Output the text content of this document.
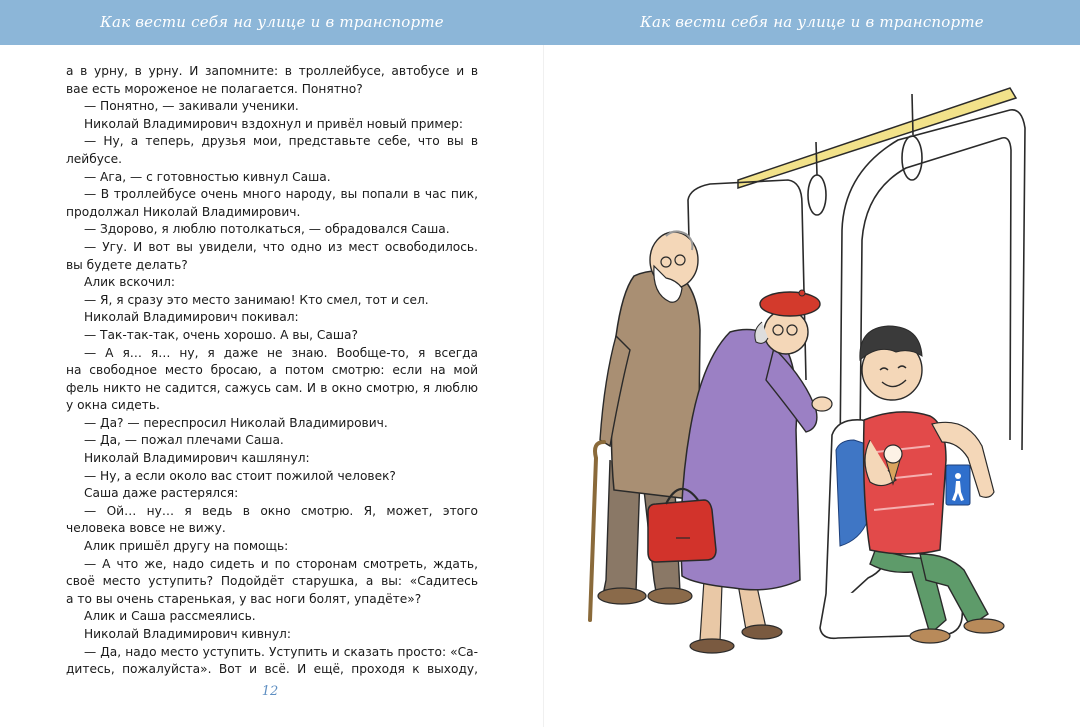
Как вести себя на улице и в транспорте	Как вести себя на улице и в транспорте
а в урну, в урну. И запомните: в троллейбусе, автобусе и в
вае есть мороженое не полагается. Понятно?
— Понятно, — закивали ученики.
Николай Владимирович вздохнул и привёл новый пример:
— Ну, а теперь, друзья мои, представьте себе, что вы в
лейбусе.
— Ага, — с готовностью кивнул Саша.
— В троллейбусе очень много народу, вы попали в час пик,
продолжал Николай Владимирович.
— Здорово, я люблю потолкаться, — обрадовался Саша.
— Угу. И вот вы увидели, что одно из мест освободилось.
вы будете делать?
Алик вскочил:
— Я, я сразу это место занимаю! Кто смел, тот и сел.
Николай Владимирович покивал:
— Так-так-так, очень хорошо. А вы, Саша?
— А я… я… ну, я даже не знаю. Вообще-то, я всегда
на свободное место бросаю, а потом смотрю: если на мой
фель никто не садится, сажусь сам. И в окно смотрю, я люблю
у окна сидеть.
— Да? — переспросил Николай Владимирович.
— Да, — пожал плечами Саша.
Николай Владимирович кашлянул:
— Ну, а если около вас стоит пожилой человек?
Саша даже растерялся:
— Ой… ну… я ведь в окно смотрю. Я, может, этого
человека вовсе не вижу.
Алик пришёл другу на помощь:
— А что же, надо сидеть и по сторонам смотреть, ждать,
своё место уступить? Подойдёт старушка, а вы: «Садитесь
а то вы очень старенькая, у вас ноги болят, упадёте»?
Алик и Саша рассмеялись.
Николай Владимирович кивнул:
— Да, надо место уступить. Уступить и сказать просто: «Са-
дитесь, пожалуйста». Вот и всё. И ещё, проходя к выходу,
12
